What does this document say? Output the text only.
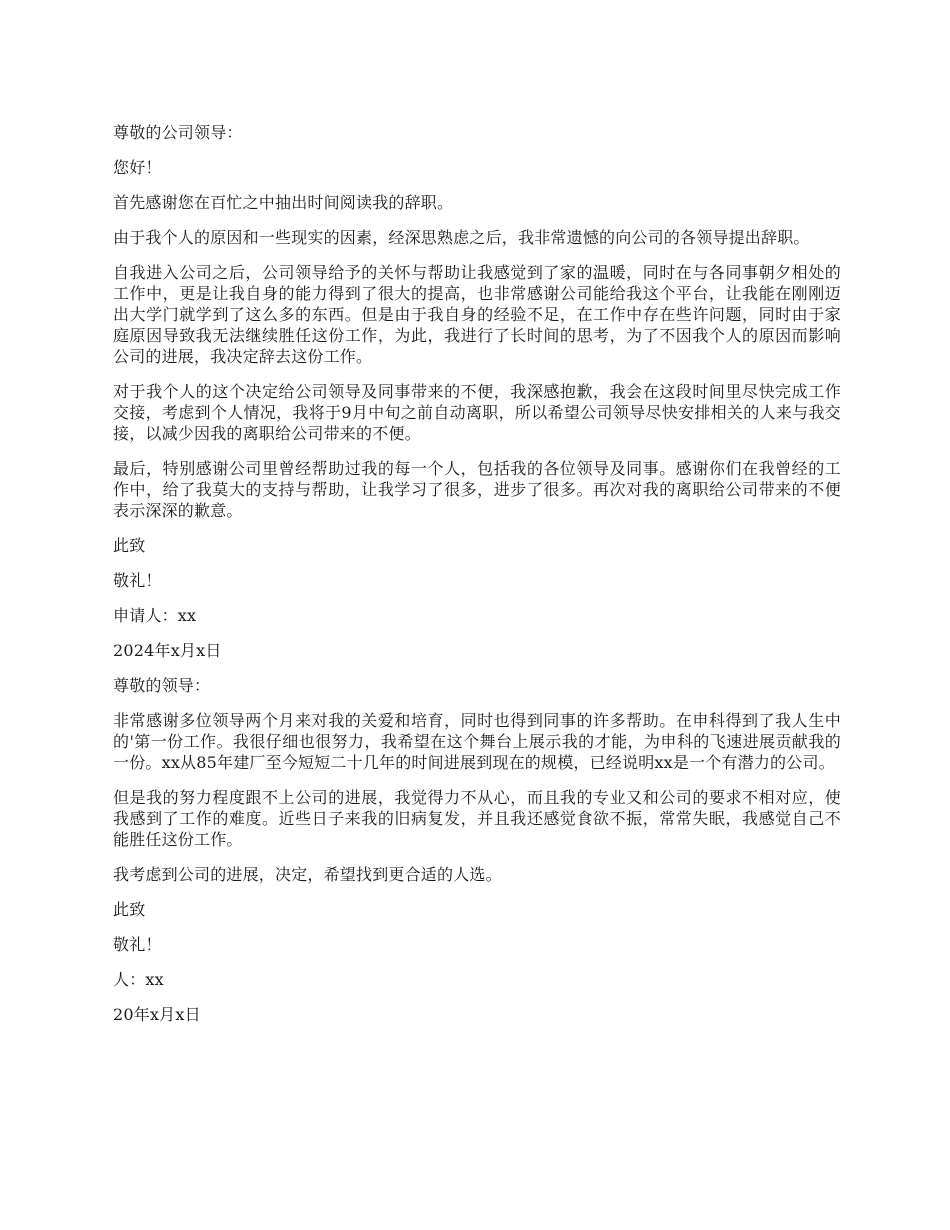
尊敬的公司领导：

您好！

首先感谢您在百忙之中抽出时间阅读我的辞职。

由于我个人的原因和一些现实的因素，经深思熟虑之后，我非常遗憾的向公司的各领导提出辞职。

自我进入公司之后，公司领导给予的关怀与帮助让我感觉到了家的温暖，同时在与各同事朝夕相处的工作中，更是让我自身的能力得到了很大的提高，也非常感谢公司能给我这个平台，让我能在刚刚迈出大学门就学到了这么多的东西。但是由于我自身的经验不足，在工作中存在些许问题，同时由于家庭原因导致我无法继续胜任这份工作，为此，我进行了长时间的思考，为了不因我个人的原因而影响公司的进展，我决定辞去这份工作。

对于我个人的这个决定给公司领导及同事带来的不便，我深感抱歉，我会在这段时间里尽快完成工作交接，考虑到个人情况，我将于9月中旬之前自动离职，所以希望公司领导尽快安排相关的人来与我交接，以减少因我的离职给公司带来的不便。

最后，特别感谢公司里曾经帮助过我的每一个人，包括我的各位领导及同事。感谢你们在我曾经的工作中，给了我莫大的支持与帮助，让我学习了很多，进步了很多。再次对我的离职给公司带来的不便表示深深的歉意。

此致

敬礼！

申请人：xx

2024年x月x日

尊敬的领导：

非常感谢多位领导两个月来对我的关爱和培育，同时也得到同事的许多帮助。在申科得到了我人生中的'第一份工作。我很仔细也很努力，我希望在这个舞台上展示我的才能，为申科的飞速进展贡献我的一份。xx从85年建厂至今短短二十几年的时间进展到现在的规模，已经说明xx是一个有潜力的公司。

但是我的努力程度跟不上公司的进展，我觉得力不从心，而且我的专业又和公司的要求不相对应，使我感到了工作的难度。近些日子来我的旧病复发，并且我还感觉食欲不振，常常失眠，我感觉自己不能胜任这份工作。

我考虑到公司的进展，决定，希望找到更合适的人选。

此致

敬礼！

人：xx

20年x月x日
